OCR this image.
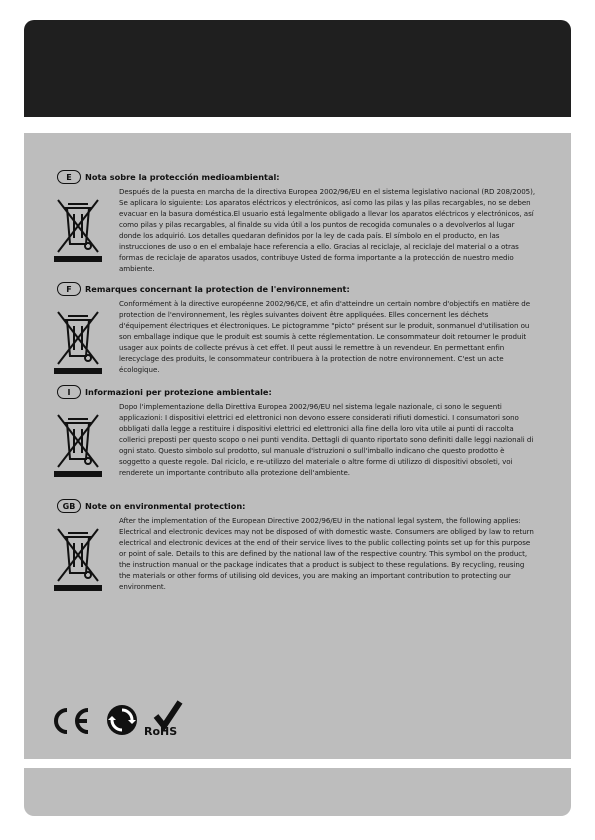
E	Nota sobre la protección medioambiental:
Después de la puesta en marcha de la directiva Europea 2002/96/EU en el sistema legislativo nacional (RD 208/2005), Se aplicara lo siguiente: Los aparatos eléctricos y electrónicos, así como las pilas y las pilas recargables, no se deben evacuar en la basura doméstica.El usuario está legalmente obligado a llevar los aparatos eléctricos y electrónicos, así como pilas y pilas recargables, al finalde su vida útil a los puntos de recogida comunales o a devolverlos al lugar donde los adquirió. Los detalles quedaran definidos por la ley de cada país. El símbolo en el producto, en las instrucciones de uso o en el embalaje hace referencia a ello. Gracias al reciclaje, al reciclaje del material o a otras formas de reciclaje de aparatos usados, contribuye Usted de forma importante a la protección de nuestro medio ambiente.
F	Remarques concernant la protection de l'environnement:
Conformément à la directive européenne 2002/96/CE, et afin d'atteindre un certain nombre d'objectifs en matière de protection de l'environnement, les règles suivantes doivent être appliquées. Elles concernent les déchets d'équipement électriques et électroniques. Le pictogramme "picto" présent sur le produit, sonmanuel d'utilisation ou son emballage indique que le produit est soumis à cette réglementation. Le consommateur doit retourner le produit usager aux points de collecte prévus à cet effet. Il peut aussi le remettre à un revendeur. En permettant enfin lerecyclage des produits, le consommateur contribuera à la protection de notre environnement. C'est un acte écologique.
I	Informazioni per protezione ambientale:
Dopo l'implementazione della Direttiva Europea 2002/96/EU nel sistema legale nazionale, ci sono le seguenti applicazioni: I dispositivi elettrici ed elettronici non devono essere considerati rifiuti domestici. I consumatori sono obbligati dalla legge a restituire i dispositivi elettrici ed elettronici alla fine della loro vita utile ai punti di raccolta collerici preposti per questo scopo o nei punti vendita. Dettagli di quanto riportato sono definiti dalle leggi nazionali di ogni stato. Questo simbolo sul prodotto, sul manuale d'istruzioni o sull'imballo indicano che questo prodotto è soggetto a queste regole. Dal riciclo, e re-utilizzo del materiale o altre forme di utilizzo di dispositivi obsoleti, voi renderete un importante contributo alla protezione dell'ambiente.
GB	Note on environmental protection:
After the implementation of the European Directive 2002/96/EU in the national legal system, the following applies: Electrical and electronic devices may not be disposed of with domestic waste. Consumers are obliged by law to return electrical and electronic devices at the end of their service lives to the public collecting points set up for this purpose or point of sale. Details to this are defined by the national law of the respective country. This symbol on the product, the instruction manual or the package indicates that a product is subject to these regulations. By recycling, reusing the materials or other forms of utilising old devices, you are making an important contribution to protecting our environment.
RoHS
